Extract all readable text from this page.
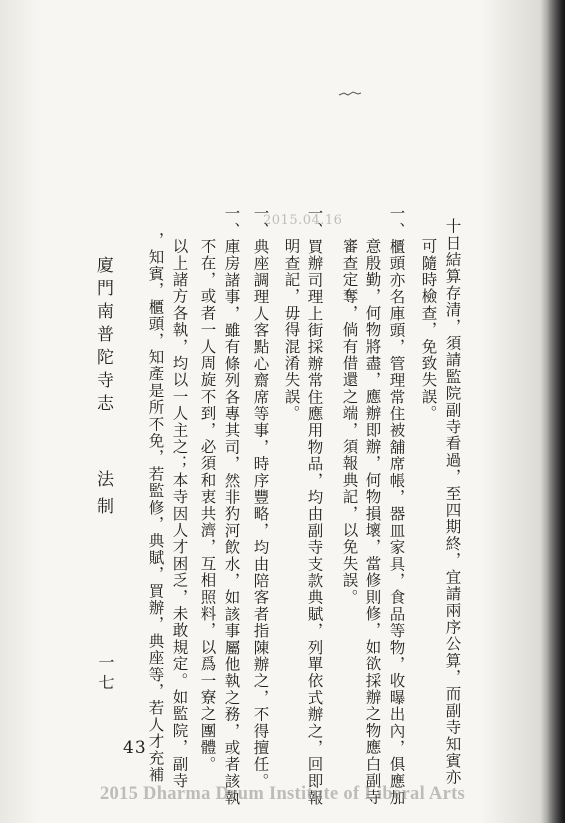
2015.04.16	十日結算存清，須請監院副寺看過，至四期終，宜請兩序公算，而副寺知賓亦
可隨時檢查，免致失誤。
一、櫃頭亦名庫頭，管理常住被舖席帳，器皿家具，食品等物，收曝出內，俱應加
意殷勤，何物將盡，應辦即辦，何物損壞，當修則修，如欲採辦之物應白副寺
審查定奪，倘有借還之端，須報典記，以免失誤。
一、買辦司理上街採辦常住應用物品，均由副寺支款典賦，列單依式辦之，回即報
明查記，毋得混淆失誤。
一、典座調理人客點心齋席等事，時序豐略，均由陪客者指陳辦之，不得擅任。
一、庫房諸事，雖有條列各專其司，然非犳河飲水，如該事屬他執之務，或者該執
不在，或者一人周旋不到，必須和衷共濟，互相照料，以爲一寮之團體。
以上諸方各執，均以一人主之；本寺因人才困乏，未敢規定。如監院，副寺
，知賓，櫃頭，知產是所不免，若監修，典賦，買辦，典座等，若人才充補
廈門南普陀寺志
法制
一七
43
2015 Dharma Drum Institute of Liberal Arts
